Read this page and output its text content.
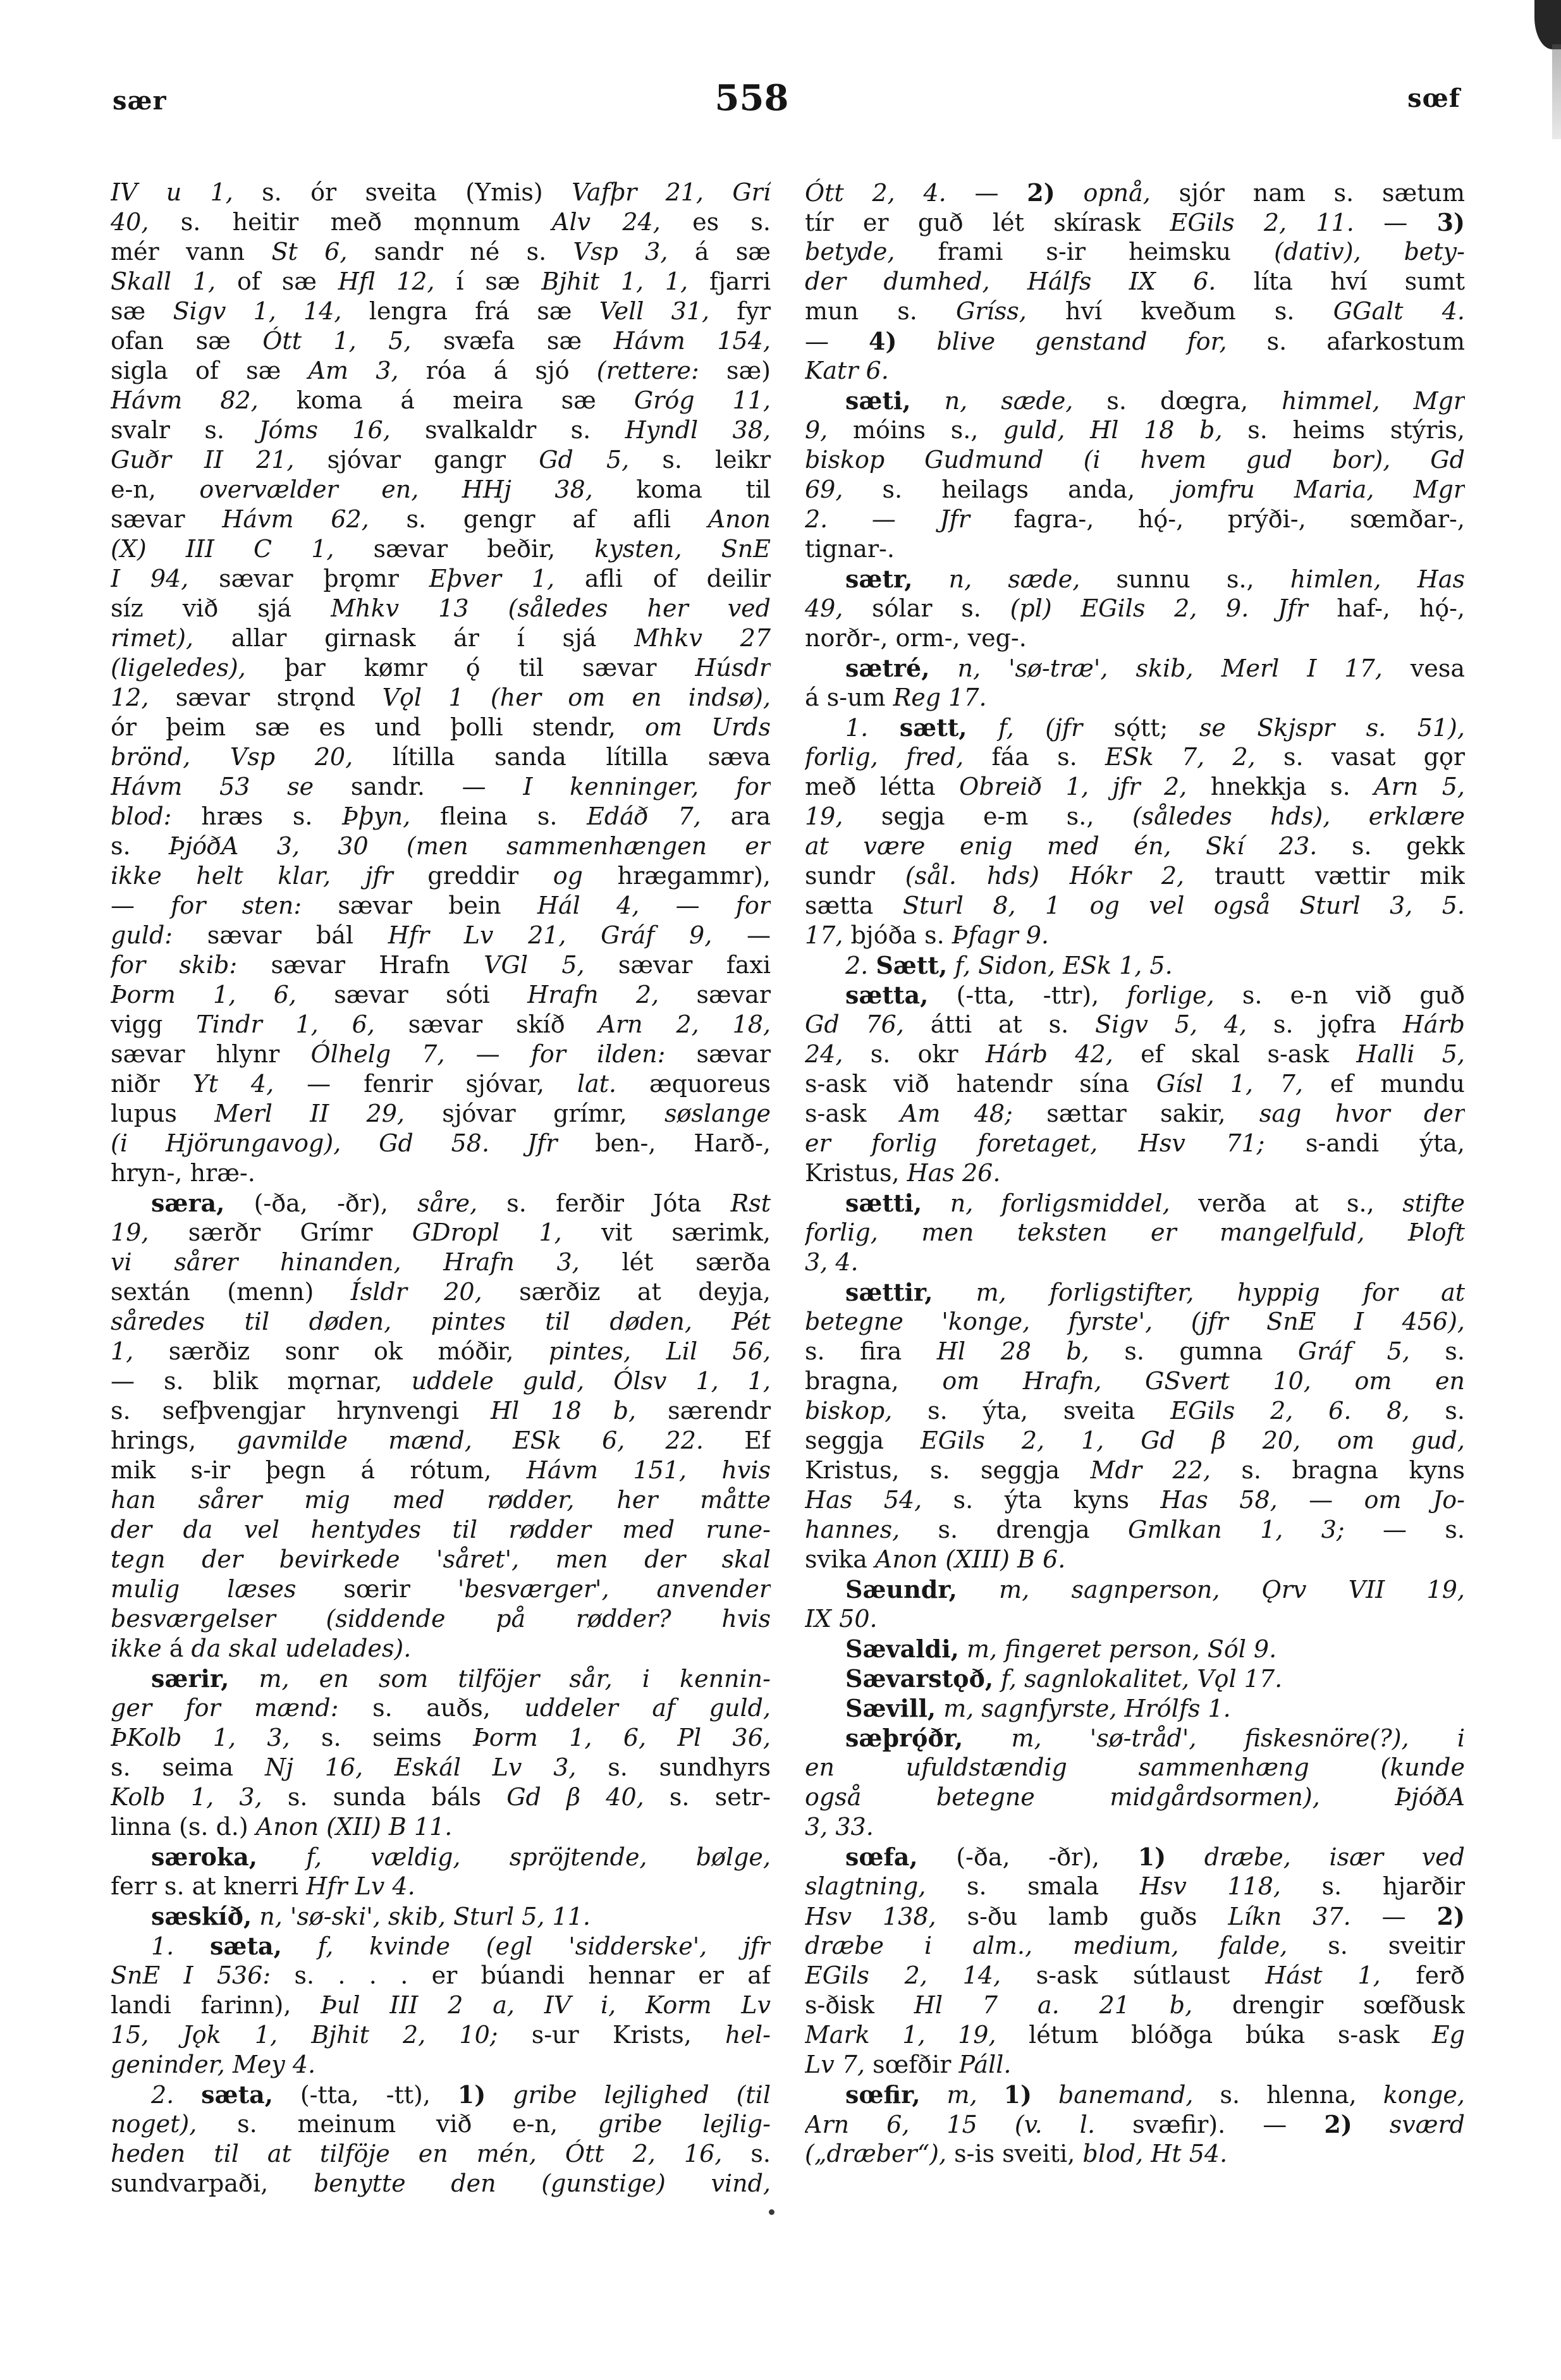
sær	558	sœf
IV u 1, s. ór sveita (Ymis) Vafþr 21, Grí
40, s. heitir með mǫnnum Alv 24, es s.
mér vann St 6, sandr né s. Vsp 3, á sæ
Skall 1, of sæ Hfl 12, í sæ Bjhit 1, 1, fjarri
sæ Sigv 1, 14, lengra frá sæ Vell 31, fyr
ofan sæ Ótt 1, 5, svæfa sæ Hávm 154,
sigla of sæ Am 3, róa á sjó (rettere: sæ)
Hávm 82, koma á meira sæ Gróg 11,
svalr s. Jóms 16, svalkaldr s. Hyndl 38,
Guðr II 21, sjóvar gangr Gd 5, s. leikr
e-n, overvælder en, HHj 38, koma til
sævar Hávm 62, s. gengr af afli Anon
(X) III C 1, sævar beðir, kysten, SnE
I 94, sævar þrǫmr Eþver 1, afli of deilir
síz við sjá Mhkv 13 (således her ved
rimet), allar girnask ár í sjá Mhkv 27
(ligeledes), þar kømr ǫ́ til sævar Húsdr
12, sævar strǫnd Vǫl 1 (her om en indsø),
ór þeim sæ es und þolli stendr, om Urds
brönd, Vsp 20, lítilla sanda lítilla sæva
Hávm 53 se sandr. — I kenninger, for
blod: hræs s. Þþyn, fleina s. Edáð 7, ara
s. ÞjóðA 3, 30 (men sammenhængen er
ikke helt klar, jfr greddir og hrægammr),
— for sten: sævar bein Hál 4, — for
guld: sævar bál Hfr Lv 21, Gráf 9, —
for skib: sævar Hrafn VGl 5, sævar faxi
Þorm 1, 6, sævar sóti Hrafn 2, sævar
vigg Tindr 1, 6, sævar skíð Arn 2, 18,
sævar hlynr Ólhelg 7, — for ilden: sævar
niðr Yt 4, — fenrir sjóvar, lat. æquoreus
lupus Merl II 29, sjóvar grímr, søslange
(i Hjörungavog), Gd 58. Jfr ben-, Harð-,
hryn-, hræ-.
særa, (-ða, -ðr), såre, s. ferðir Jóta Rst
19, særðr Grímr GDropl 1, vit særimk,
vi sårer hinanden, Hrafn 3, lét særða
sextán (menn) Ísldr 20, særðiz at deyja,
såredes til døden, pintes til døden, Pét
1, særðiz sonr ok móðir, pintes, Lil 56,
— s. blik mǫrnar, uddele guld, Ólsv 1, 1,
s. sefþvengjar hrynvengi Hl 18 b, særendr
hrings, gavmilde mænd, ESk 6, 22. Ef
mik s-ir þegn á rótum, Hávm 151, hvis
han sårer mig med rødder, her måtte
der da vel hentydes til rødder med rune-
tegn der bevirkede 'såret', men der skal
mulig læses sœrir 'besværger', anvender
besværgelser (siddende på rødder? hvis
ikke á da skal udelades).
særir, m, en som tilföjer sår, i kennin-
ger for mænd: s. auðs, uddeler af guld,
ÞKolb 1, 3, s. seims Þorm 1, 6, Pl 36,
s. seima Nj 16, Eskál Lv 3, s. sundhyrs
Kolb 1, 3, s. sunda báls Gd β 40, s. setr-
linna (s. d.) Anon (XII) B 11.
særoka, f, vældig, spröjtende, bølge,
ferr s. at knerri Hfr Lv 4.
sæskíð, n, 'sø-ski', skib, Sturl 5, 11.
1. sæta, f, kvinde (egl 'sidderske', jfr
SnE I 536: s. . . . er búandi hennar er af
landi farinn), Þul III 2 a, IV i, Korm Lv
15, Jǫk 1, Bjhit 2, 10; s-ur Krists, hel-
geninder, Mey 4.
2. sæta, (-tta, -tt), 1) gribe lejlighed (til
noget), s. meinum við e-n, gribe lejlig-
heden til at tilföje en mén, Ótt 2, 16, s.
sundvarpaði, benytte den (gunstige) vind,
Ótt 2, 4. — 2) opnå, sjór nam s. sætum
tír er guð lét skírask EGils 2, 11. — 3)
betyde, frami s-ir heimsku (dativ), bety-
der dumhed, Hálfs IX 6. líta hví sumt
mun s. Gríss, hví kveðum s. GGalt 4.
— 4) blive genstand for, s. afarkostum
Katr 6.
sæti, n, sæde, s. dœgra, himmel, Mgr
9, móins s., guld, Hl 18 b, s. heims stýris,
biskop Gudmund (i hvem gud bor), Gd
69, s. heilags anda, jomfru Maria, Mgr
2. — Jfr fagra-, hǫ́-, prýði-, sœmðar-,
tignar-.
sætr, n, sæde, sunnu s., himlen, Has
49, sólar s. (pl) EGils 2, 9. Jfr haf-, hǫ́-,
norðr-, orm-, veg-.
sætré, n, 'sø-træ', skib, Merl I 17, vesa
á s-um Reg 17.
1. sætt, f, (jfr sǫ́tt; se Skjspr s. 51),
forlig, fred, fáa s. ESk 7, 2, s. vasat gǫr
með létta Obreið 1, jfr 2, hnekkja s. Arn 5,
19, segja e-m s., (således hds), erklære
at være enig med én, Skí 23. s. gekk
sundr (sål. hds) Hókr 2, trautt vættir mik
sætta Sturl 8, 1 og vel også Sturl 3, 5.
17, bjóða s. Þfagr 9.
2. Sætt, f, Sidon, ESk 1, 5.
sætta, (-tta, -ttr), forlige, s. e-n við guð
Gd 76, átti at s. Sigv 5, 4, s. jǫfra Hárb
24, s. okr Hárb 42, ef skal s-ask Halli 5,
s-ask við hatendr sína Gísl 1, 7, ef mundu
s-ask Am 48; sættar sakir, sag hvor der
er forlig foretaget, Hsv 71; s-andi ýta,
Kristus, Has 26.
sætti, n, forligsmiddel, verða at s., stifte
forlig, men teksten er mangelfuld, Þloft
3, 4.
sættir, m, forligstifter, hyppig for at
betegne 'konge, fyrste', (jfr SnE I 456),
s. fira Hl 28 b, s. gumna Gráf 5, s.
bragna, om Hrafn, GSvert 10, om en
biskop, s. ýta, sveita EGils 2, 6. 8, s.
seggja EGils 2, 1, Gd β 20, om gud,
Kristus, s. seggja Mdr 22, s. bragna kyns
Has 54, s. ýta kyns Has 58, — om Jo-
hannes, s. drengja Gmlkan 1, 3; — s.
svika Anon (XIII) B 6.
Sæundr, m, sagnperson, Ǫrv VII 19,
IX 50.
Sævaldi, m, fingeret person, Sól 9.
Sævarstǫð, f, sagnlokalitet, Vǫl 17.
Sævill, m, sagnfyrste, Hrólfs 1.
sæþrǫ́ðr, m, 'sø-tråd', fiskesnöre(?), i
en ufuldstændig sammenhæng (kunde
også betegne midgårdsormen), ÞjóðA
3, 33.
sœfa, (-ða, -ðr), 1) dræbe, især ved
slagtning, s. smala Hsv 118, s. hjarðir
Hsv 138, s-ðu lamb guðs Líkn 37. — 2)
dræbe i alm., medium, falde, s. sveitir
EGils 2, 14, s-ask sútlaust Hást 1, ferð
s-ðisk Hl 7 a. 21 b, drengir sœfðusk
Mark 1, 19, létum blóðga búka s-ask Eg
Lv 7, sœfðir Páll.
sœfir, m, 1) banemand, s. hlenna, konge,
Arn 6, 15 (v. l. svæfir). — 2) sværd
(„dræber“), s-is sveiti, blod, Ht 54.
